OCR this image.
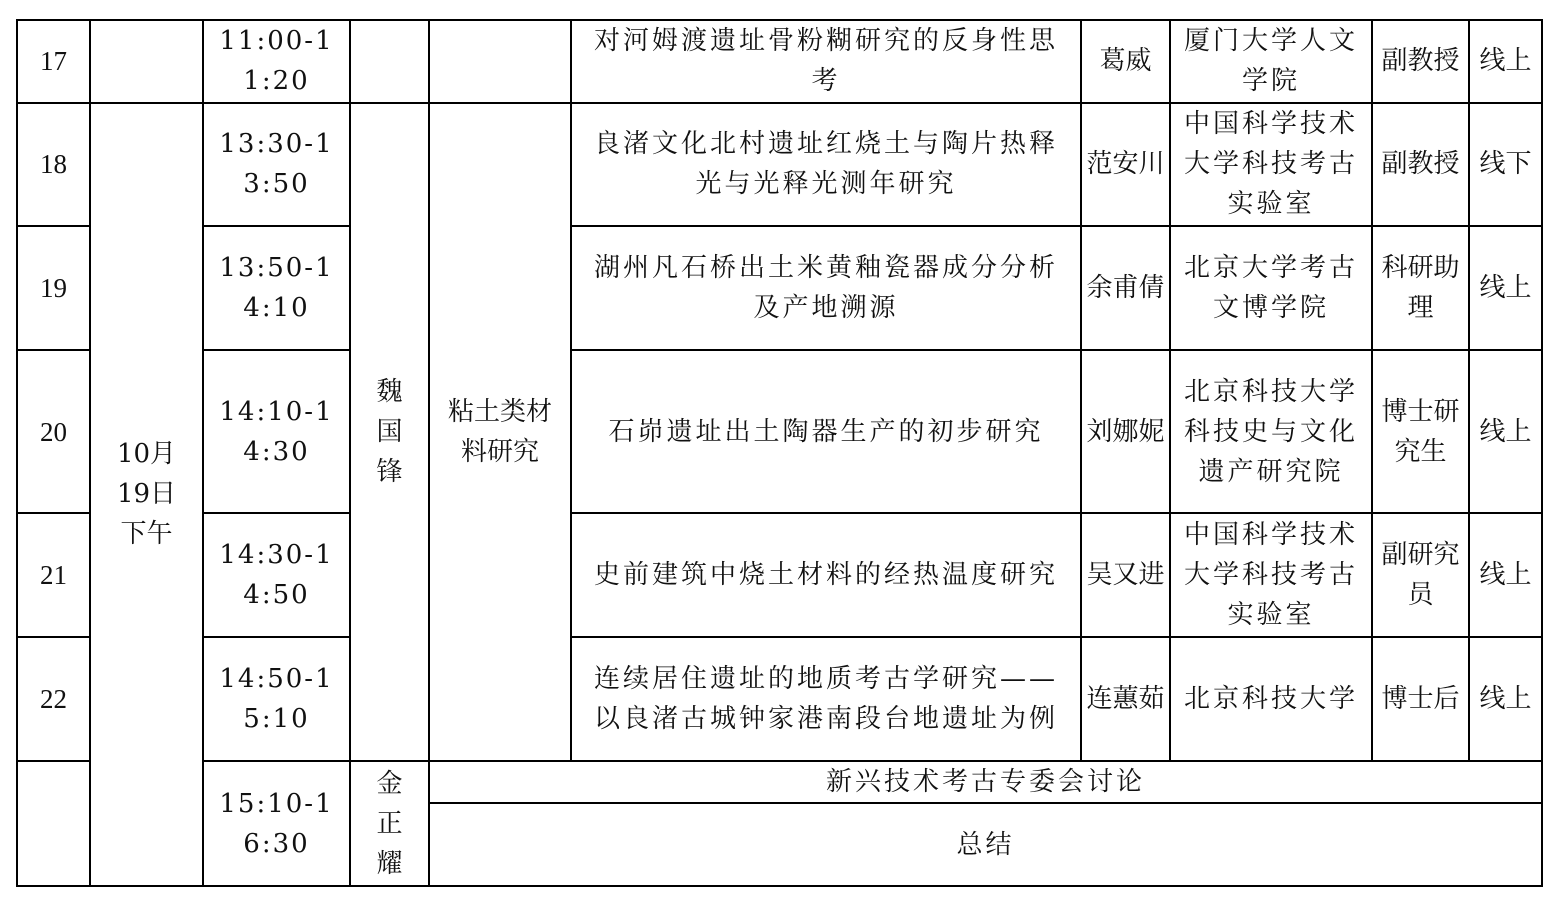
17		11:00-11:20			对河姆渡遗址骨粉糊研究的反身性思考	葛威	厦门大学人文学院	副教授	线上
18	10月19日下午	13:30-13:50	魏国锋	粘土类材料研究	良渚文化北村遗址红烧土与陶片热释光与光释光测年研究	范安川	中国科学技术大学科技考古实验室	副教授	线下
19		13:50-14:10			湖州凡石桥出土米黄釉瓷器成分分析及产地溯源	余甫倩	北京大学考古文博学院	科研助理	线上
20		14:10-14:30			石峁遗址出土陶器生产的初步研究	刘娜妮	北京科技大学科技史与文化遗产研究院	博士研究生	线上
21		14:30-14:50			史前建筑中烧土材料的经热温度研究	吴又进	中国科学技术大学科技考古实验室	副研究员	线上
22		14:50-15:10			连续居住遗址的地质考古学研究——以良渚古城钟家港南段台地遗址为例	连蕙茹	北京科技大学	博士后	线上
		15:10-16:30	金正耀	新兴技术考古专委会讨论					
				总结					
